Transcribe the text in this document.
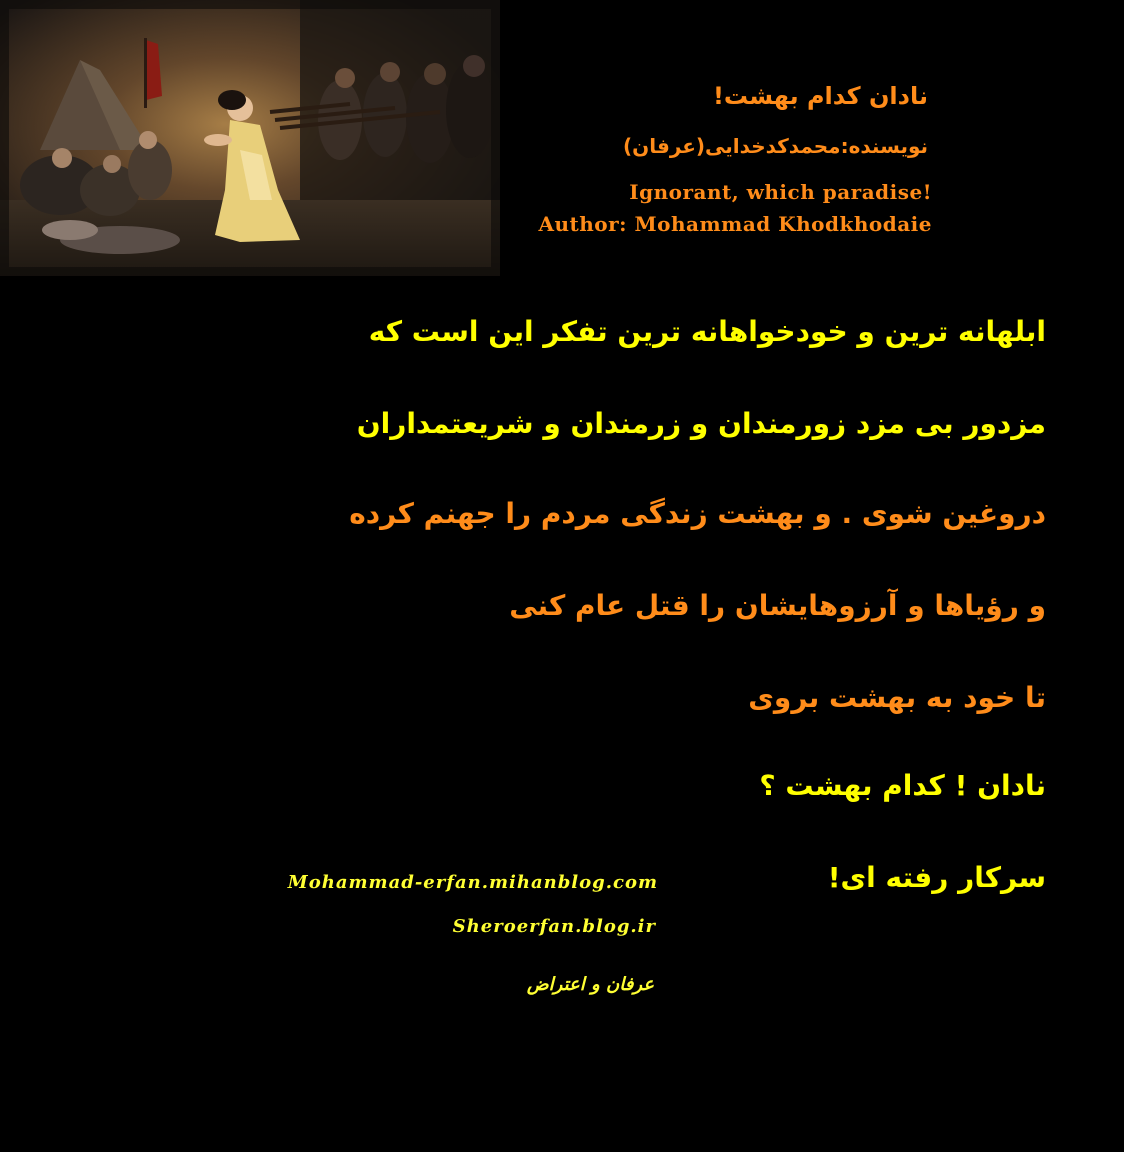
نادان کدام بهشت!
نویسنده:محمدکدخدایی(عرفان)
Ignorant, which paradise!
Author: Mohammad Khodkhodaie
ابلهانه ترین و خودخواهانه ترین تفکر این است که
مزدور بی مزد زورمندان و زرمندان و شریعتمداران
دروغین شوی . و بهشت زندگی مردم را جهنم کرده
و رؤیاها و آرزوهایشان را قتل عام کنی
تا خود به بهشت بروی
نادان ! کدام بهشت ؟
سرکار رفته ای!
Mohammad-erfan.mihanblog.com
Sheroerfan.blog.ir
عرفان و اعتراض
